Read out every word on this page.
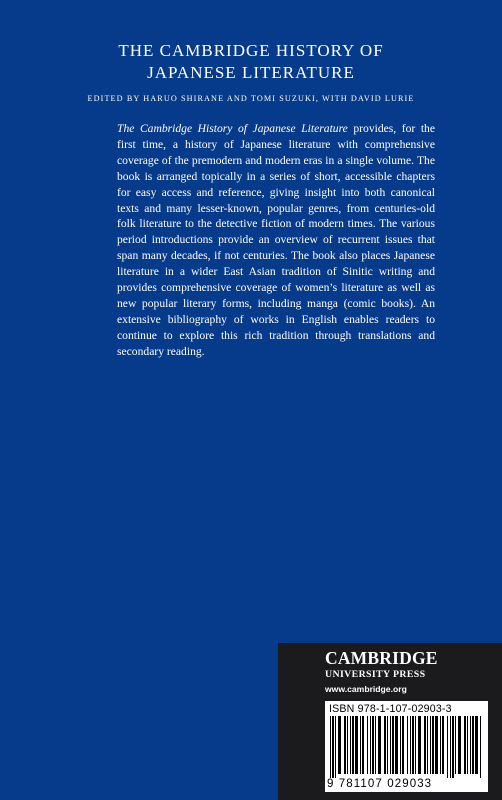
THE CAMBRIDGE HISTORY OF
JAPANESE LITERATURE
EDITED BY HARUO SHIRANE AND TOMI SUZUKI, WITH DAVID LURIE

The Cambridge History of Japanese Literature provides, for the first time, a history of Japanese literature with comprehensive coverage of the premodern and modern eras in a single volume. The book is arranged topically in a series of short, accessible chapters for easy access and reference, giving insight into both canonical texts and many lesser-known, popular genres, from centuries-old folk literature to the detective fiction of modern times. The various period introductions provide an overview of recurrent issues that span many decades, if not centuries. The book also places Japanese literature in a wider East Asian tradition of Sinitic writing and provides comprehensive coverage of women’s literature as well as new popular literary forms, including manga (comic books). An extensive bibliography of works in English enables readers to continue to explore this rich tradition through translations and secondary reading.

CAMBRIDGE
UNIVERSITY PRESS
www.cambridge.org
ISBN 978-1-107-02903-3
9 781107 029033
